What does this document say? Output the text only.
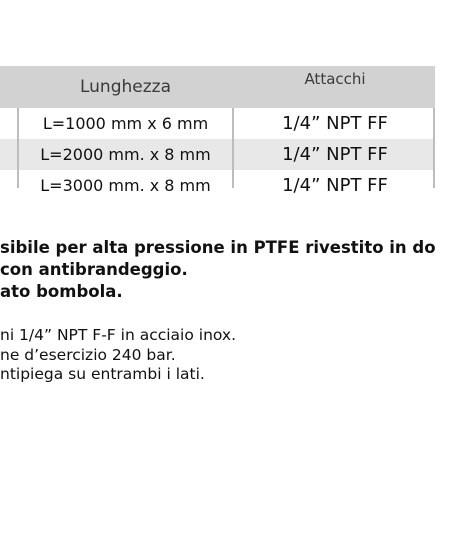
Lunghezza	Attacchi
L=1000 mm x 6 mm	1/4” NPT FF
L=2000 mm. x 8 mm	1/4” NPT FF
L=3000 mm. x 8 mm	1/4” NPT FF
sibile per alta pressione in PTFE rivestito in do
con antibrandeggio.
ato bombola.
ni 1/4” NPT F-F in acciaio inox.
ne d’esercizio 240 bar.
ntipiega su entrambi i lati.
